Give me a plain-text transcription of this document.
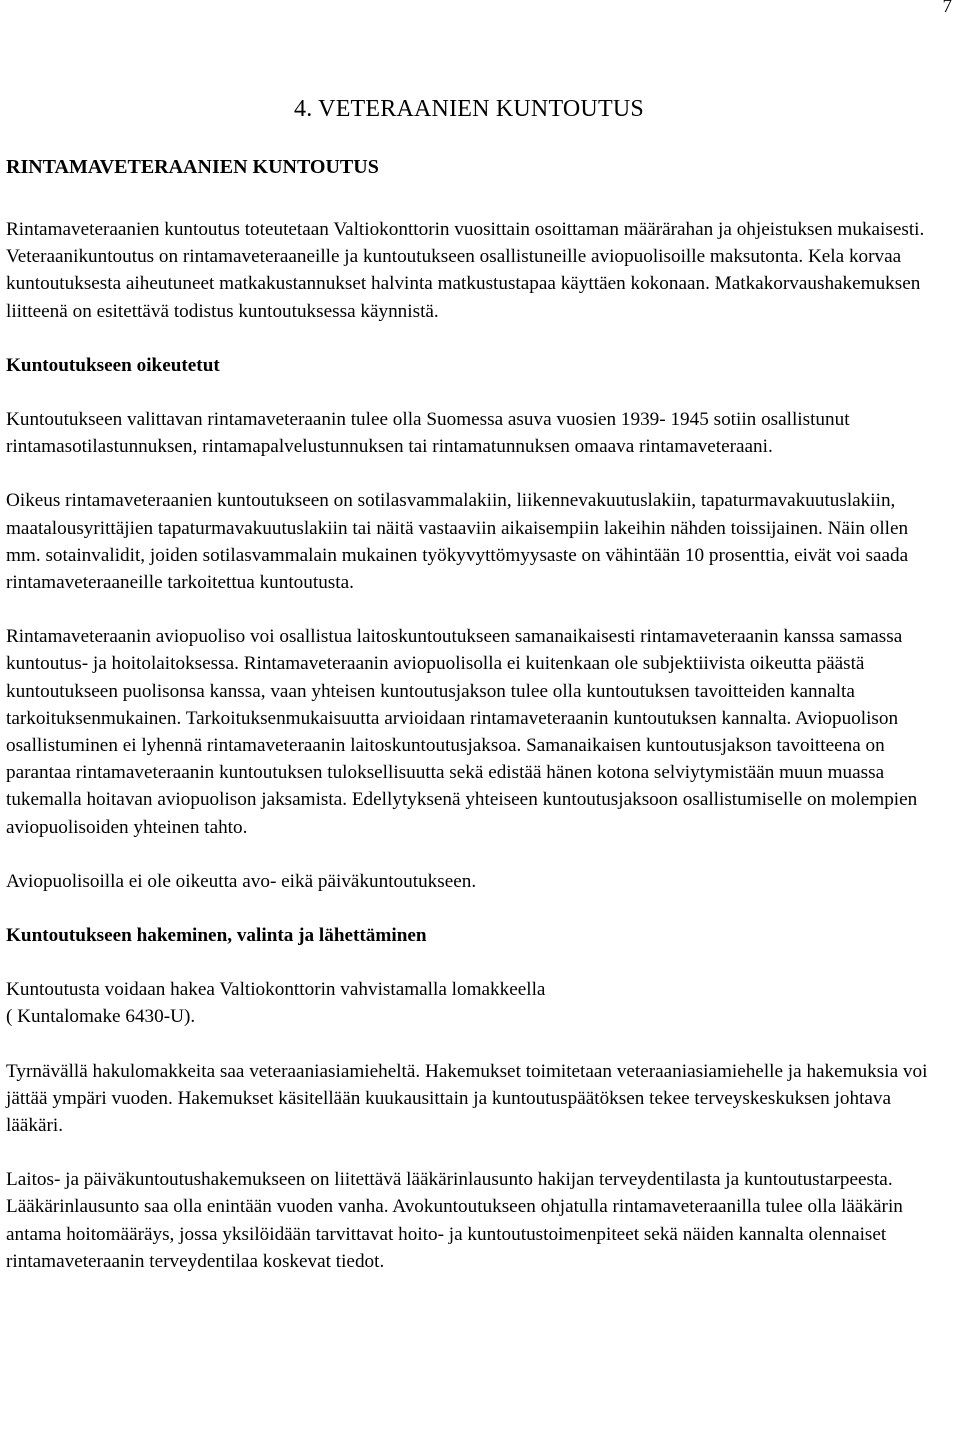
7
4. VETERAANIEN KUNTOUTUS
RINTAMAVETERAANIEN KUNTOUTUS

Rintamaveteraanien kuntoutus toteutetaan Valtiokonttorin vuosittain osoittaman määrärahan ja ohjeistuksen mukaisesti. Veteraanikuntoutus on rintamaveteraaneille ja kuntoutukseen osallistuneille aviopuolisoille maksutonta. Kela korvaa kuntoutuksesta aiheutuneet matkakustannukset halvinta matkustustapaa käyttäen kokonaan. Matkakorvaushakemuksen liitteenä on esitettävä todistus kuntoutuksessa käynnistä.

Kuntoutukseen oikeutetut

Kuntoutukseen valittavan rintamaveteraanin tulee olla Suomessa asuva vuosien 1939- 1945 sotiin osallistunut rintamasotilastunnuksen, rintamapalvelustunnuksen tai rintamatunnuksen omaava rintamaveteraani.

Oikeus rintamaveteraanien kuntoutukseen on sotilasvammalakiin, liikennevakuutuslakiin, tapaturmavakuutuslakiin, maatalousyrittäjien tapaturmavakuutuslakiin tai näitä vastaaviin aikaisempiin lakeihin nähden toissijainen. Näin ollen mm. sotainvalidit, joiden sotilasvammalain mukainen työkyvyttömyysaste on vähintään 10 prosenttia, eivät voi saada rintamaveteraaneille tarkoitettua kuntoutusta.

Rintamaveteraanin aviopuoliso voi osallistua laitoskuntoutukseen samanaikaisesti rintamaveteraanin kanssa samassa kuntoutus- ja hoitolaitoksessa. Rintamaveteraanin aviopuolisolla ei kuitenkaan ole subjektiivista oikeutta päästä kuntoutukseen puolisonsa kanssa, vaan yhteisen kuntoutusjakson tulee olla kuntoutuksen tavoitteiden kannalta tarkoituksenmukainen. Tarkoituksenmukaisuutta arvioidaan rintamaveteraanin kuntoutuksen kannalta. Aviopuolison osallistuminen ei lyhennä rintamaveteraanin laitoskuntoutusjaksoa. Samanaikaisen kuntoutusjakson tavoitteena on parantaa rintamaveteraanin kuntoutuksen tuloksellisuutta sekä edistää hänen kotona selviytymistään muun muassa tukemalla hoitavan aviopuolison jaksamista. Edellytyksenä yhteiseen kuntoutusjaksoon osallistumiselle on molempien aviopuolisoiden yhteinen tahto.

Aviopuolisoilla ei ole oikeutta avo- eikä päiväkuntoutukseen.

Kuntoutukseen hakeminen, valinta ja lähettäminen

Kuntoutusta voidaan hakea Valtiokonttorin vahvistamalla lomakkeella
( Kuntalomake 6430-U).

Tyrnävällä hakulomakkeita saa veteraaniasiamieheltä. Hakemukset toimitetaan veteraaniasiamiehelle ja hakemuksia voi jättää ympäri vuoden. Hakemukset käsitellään kuukausittain ja kuntoutuspäätöksen tekee terveyskeskuksen johtava lääkäri.

Laitos- ja päiväkuntoutushakemukseen on liitettävä lääkärinlausunto hakijan terveydentilasta ja kuntoutustarpeesta. Lääkärinlausunto saa olla enintään vuoden vanha. Avokuntoutukseen ohjatulla rintamaveteraanilla tulee olla lääkärin antama hoitomääräys, jossa yksilöidään tarvittavat hoito- ja kuntoutustoimenpiteet sekä näiden kannalta olennaiset rintamaveteraanin terveydentilaa koskevat tiedot.
